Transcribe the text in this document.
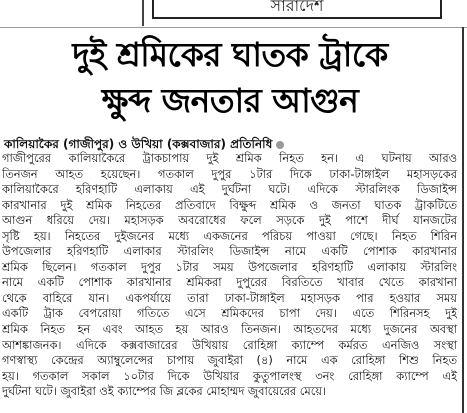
সারাদেশ
দুই শ্রমিকের ঘাতক ট্রাকে
ক্ষুব্দ জনতার আগুন
কালিয়াকৈর (গাজীপুর) ও উখিয়া (কক্সবাজার) প্রতিনিধি
গাজীপুরের কালিয়াকৈরে ট্রাকচাপায় দুই শ্রমিক নিহত হন। এ ঘটনায় আরও
তিনজন আহত হয়েছেন। গতকাল দুপুর ১টার দিকে ঢাকা-টাঙ্গাইল মহাসড়কের
কালিয়াকৈরে হরিণহাটি এলাকায় এই দুর্ঘটনা ঘটে। এদিকে স্টারলিংক ডিজাইন্স
কারখানার দুই শ্রমিক নিহতের প্রতিবাদে বিক্ষুব্দ শ্রমিক ও জনতা ঘাতক ট্রাকটিতে
আগুন ধরিয়ে দেয়। মহাসড়ক অবরোধের ফলে সড়কে দুই পাশে দীর্ঘ যানজটের
সৃষ্টি হয়। নিহতের দুইজনের মধ্যে একজনের পরিচয় পাওয়া গেছে। নিহত শিরিন
উপজেলার হরিণহাটি এলাকার স্টারলিং ডিজাইন্স নামে একটি পোশাক কারখানার
শ্রমিক ছিলেন। গতকাল দুপুর ১টার সময় উপজেলার হরিণহাটি এলাকায় স্টারলিং
নামে একটি পোশাক কারখানার শ্রমিকরা দুপুরের বিরতিতে খাবার খেতে কারখানা
থেকে বাহিরে যান। একপর্যায়ে তারা ঢাকা-টাঙ্গাইল মহাসড়ক পার হওয়ার সময়
একটি ট্রাক বেপরোয়া গতিতে এসে শ্রমিকদের চাপা দেয়। এতে শিরিনসহ দুই
শ্রমিক নিহত হন এবং আহত হয় আরও তিনজন। আহতদের মধ্যে দুজনের অবস্থা
আশঙ্কাজনক। এদিকে কক্সবাজারের উখিয়ায় রোহিঙ্গা ক্যাম্পে কর্মরত এনজিও সংস্থা
গণস্বাস্থ্য কেন্দ্রের অ্যাম্বুলেন্সের চাপায় জুবাইরা (৪) নামে এক রোহিঙ্গা শিশু নিহত
হয়। গতকাল সকাল ১০টার দিকে উখিয়ার কুতুপালংস্থ ৩নং রোহিঙ্গা ক্যাম্পে এই
দুর্ঘটনা ঘটে। জুবাইরা ওই ক্যাম্পের জি ব্লকের মোহাম্মদ জুবায়েরের মেয়ে।
